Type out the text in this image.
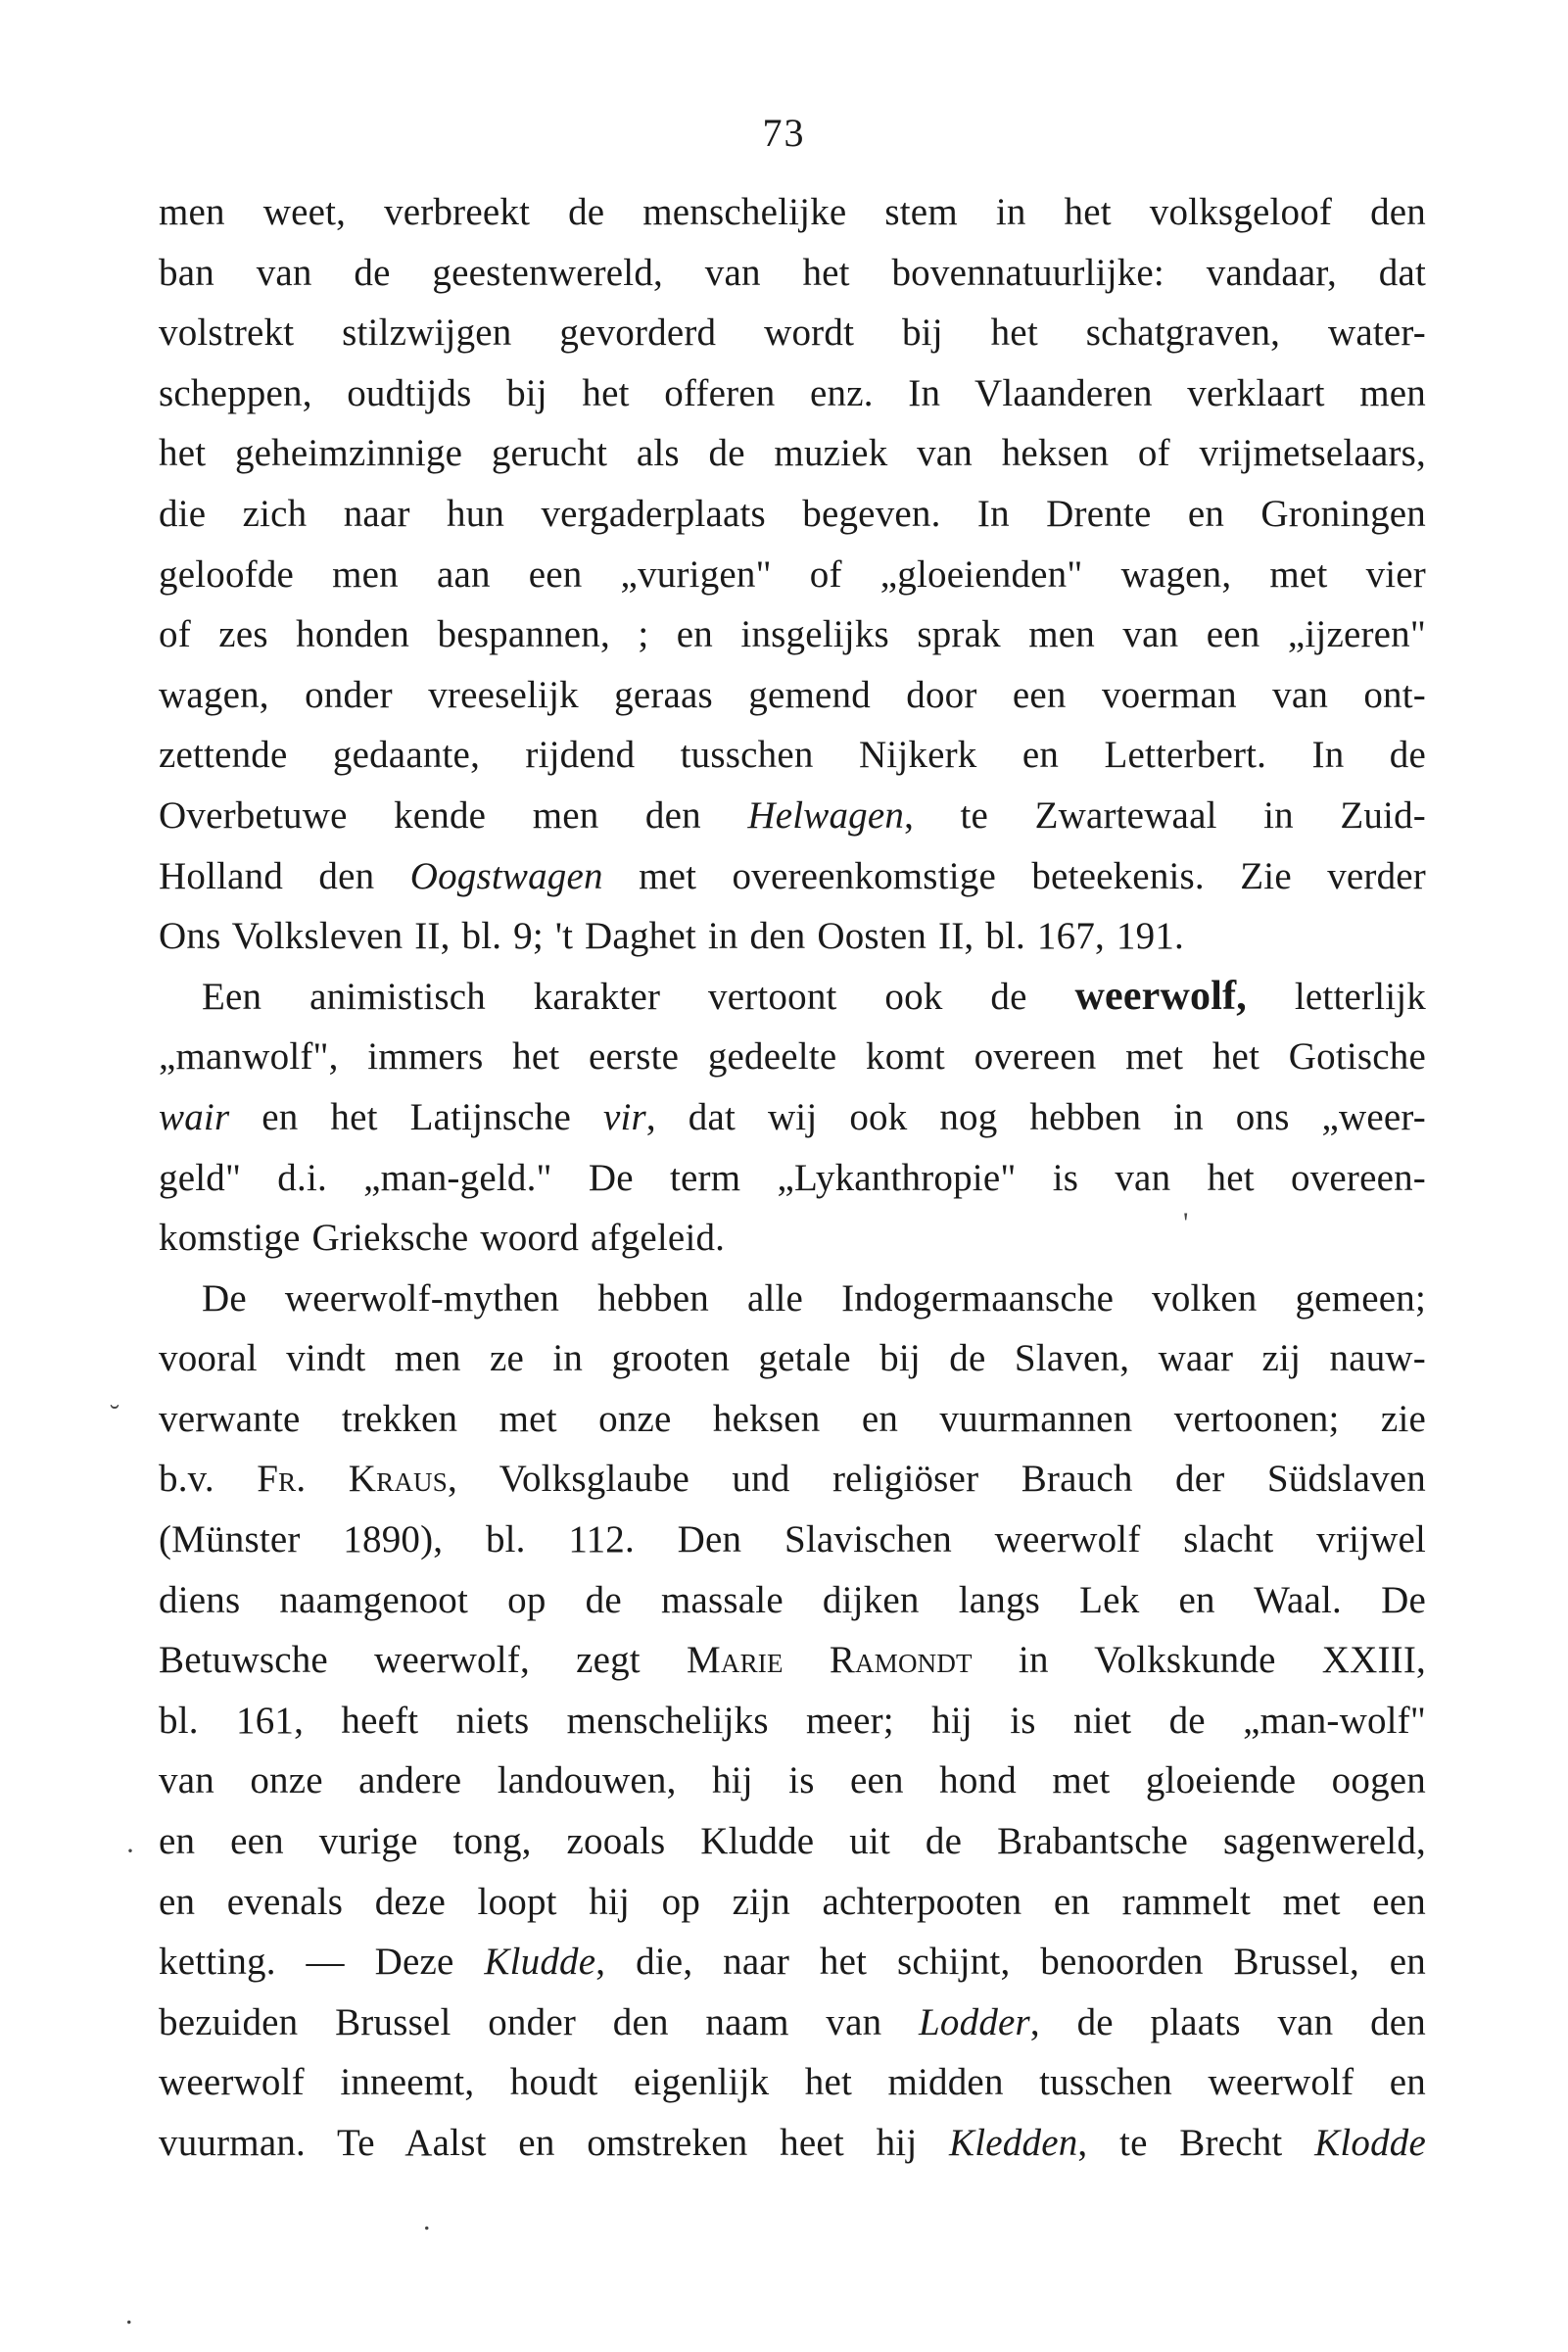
73
men weet, verbreekt de menschelijke stem in het volksgeloof den
ban van de geestenwereld, van het bovennatuurlijke: vandaar, dat
volstrekt stilzwijgen gevorderd wordt bij het schatgraven, water-
scheppen, oudtijds bij het offeren enz. In Vlaanderen verklaart men
het geheimzinnige gerucht als de muziek van heksen of vrijmetselaars,
die zich naar hun vergaderplaats begeven. In Drente en Groningen
geloofde men aan een „vurigen" of „gloeienden" wagen, met vier
of zes honden bespannen, ; en insgelijks sprak men van een „ijzeren"
wagen, onder vreeselijk geraas gemend door een voerman van ont-
zettende gedaante, rijdend tusschen Nijkerk en Letterbert. In de
Overbetuwe kende men den Helwagen, te Zwartewaal in Zuid-
Holland den Oogstwagen met overeenkomstige beteekenis. Zie verder
Ons Volksleven II, bl. 9; 't Daghet in den Oosten II, bl. 167, 191.
Een animistisch karakter vertoont ook de weerwolf, letterlijk
„manwolf", immers het eerste gedeelte komt overeen met het Gotische
wair en het Latijnsche vir, dat wij ook nog hebben in ons „weer-
geld" d.i. „man-geld." De term „Lykanthropie" is van het overeen-
komstige Grieksche woord afgeleid.
De weerwolf-mythen hebben alle Indogermaansche volken gemeen;
vooral vindt men ze in grooten getale bij de Slaven, waar zij nauw-
verwante trekken met onze heksen en vuurmannen vertoonen; zie
b.v. Fr. Kraus, Volksglaube und religiöser Brauch der Südslaven
(Münster 1890), bl. 112. Den Slavischen weerwolf slacht vrijwel
diens naamgenoot op de massale dijken langs Lek en Waal. De
Betuwsche weerwolf, zegt Marie Ramondt in Volkskunde XXIII,
bl. 161, heeft niets menschelijks meer; hij is niet de „man-wolf"
van onze andere landouwen, hij is een hond met gloeiende oogen
en een vurige tong, zooals Kludde uit de Brabantsche sagenwereld,
en evenals deze loopt hij op zijn achterpooten en rammelt met een
ketting. — Deze Kludde, die, naar het schijnt, benoorden Brussel, en
bezuiden Brussel onder den naam van Lodder, de plaats van den
weerwolf inneemt, houdt eigenlijk het midden tusschen weerwolf en
vuurman. Te Aalst en omstreken heet hij Kledden, te Brecht Klodde
˘
·
'
.
.
